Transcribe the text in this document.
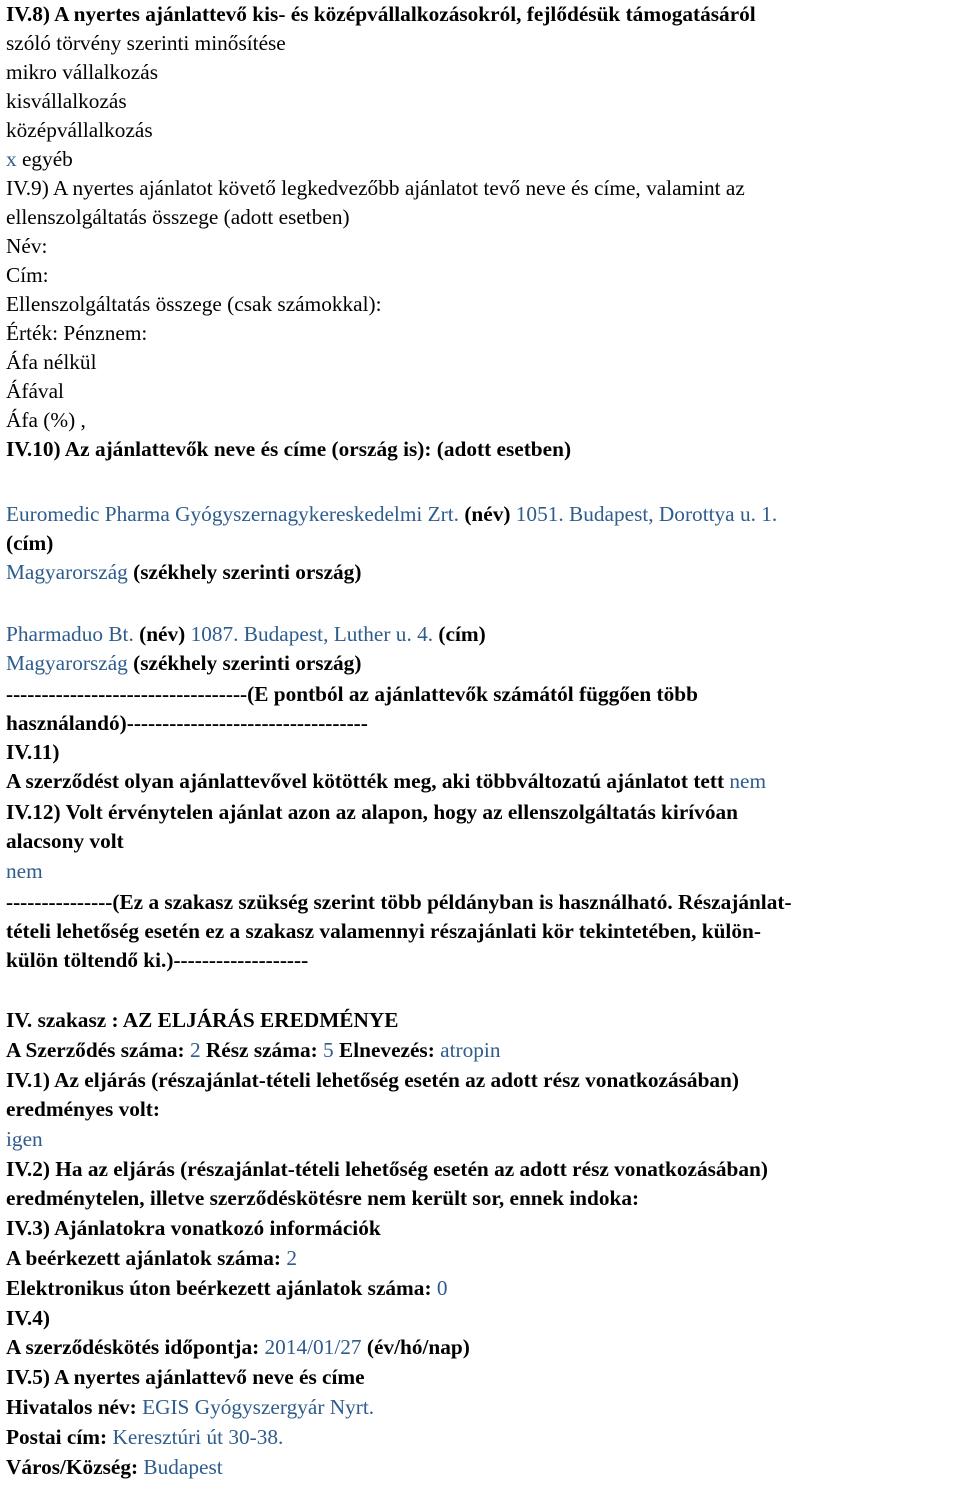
IV.8) A nyertes ajánlattevő kis- és középvállalkozásokról, fejlődésük támogatásáról
szóló törvény szerinti minősítése
mikro vállalkozás
kisvállalkozás
középvállalkozás
x egyéb
IV.9) A nyertes ajánlatot követő legkedvezőbb ajánlatot tevő neve és címe, valamint az
ellenszolgáltatás összege (adott esetben)
Név:
Cím:
Ellenszolgáltatás összege (csak számokkal):
Érték: Pénznem:
Áfa nélkül
Áfával
Áfa (%) ,
IV.10) Az ajánlattevők neve és címe (ország is): (adott esetben)
Euromedic Pharma Gyógyszernagykereskedelmi Zrt. (név) 1051. Budapest, Dorottya u. 1.
(cím)
Magyarország (székhely szerinti ország)
Pharmaduo Bt. (név) 1087. Budapest, Luther u. 4. (cím)
Magyarország (székhely szerinti ország)
----------------------------------(E pontból az ajánlattevők számától függően több
használandó)----------------------------------
IV.11)
A szerződést olyan ajánlattevővel kötötték meg, aki többváltozatú ajánlatot tett nem
IV.12) Volt érvénytelen ajánlat azon az alapon, hogy az ellenszolgáltatás kirívóan
alacsony volt
nem
---------------(Ez a szakasz szükség szerint több példányban is használható. Részajánlat-
tételi lehetőség esetén ez a szakasz valamennyi részajánlati kör tekintetében, külön-
külön töltendő ki.)-------------------
IV. szakasz : AZ ELJÁRÁS EREDMÉNYE
A Szerződés száma: 2 Rész száma: 5 Elnevezés: atropin
IV.1) Az eljárás (részajánlat-tételi lehetőség esetén az adott rész vonatkozásában)
eredményes volt:
igen
IV.2) Ha az eljárás (részajánlat-tételi lehetőség esetén az adott rész vonatkozásában)
eredménytelen, illetve szerződéskötésre nem került sor, ennek indoka:
IV.3) Ajánlatokra vonatkozó információk
A beérkezett ajánlatok száma: 2
Elektronikus úton beérkezett ajánlatok száma: 0
IV.4)
A szerződéskötés időpontja: 2014/01/27 (év/hó/nap)
IV.5) A nyertes ajánlattevő neve és címe
Hivatalos név: EGIS Gyógyszergyár Nyrt.
Postai cím: Keresztúri út 30-38.
Város/Község: Budapest
